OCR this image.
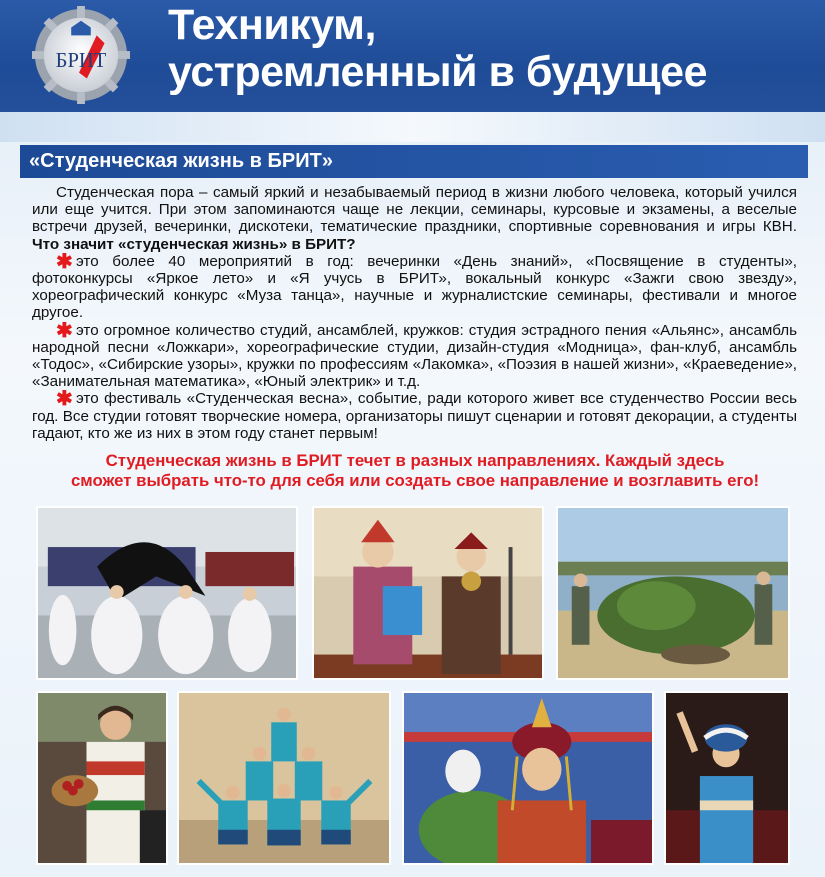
БРИТ
Техникум,
устремленный в будущее
«Студенческая жизнь в БРИТ»

Студенческая пора – самый яркий и незабываемый период в жизни любого человека, который учился или еще учится. При этом запоминаются чаще не лекции, семинары, курсовые и экзамены, а веселые встречи друзей, вечеринки, дискотеки, тематические праздники, спортивные соревнования и игры КВН. Что значит «студенческая жизнь» в БРИТ?

✱ это более 40 мероприятий в год: вечеринки «День знаний», «Посвящение в студенты», фотоконкурсы «Яркое лето» и «Я учусь в БРИТ», вокальный конкурс «Зажги свою звезду», хореографический конкурс «Муза танца», научные и журналистские семинары, фестивали и многое другое.

✱ это огромное количество студий, ансамблей, кружков: студия эстрадного пения «Альянс», ансамбль народной песни «Ложкари», хореографические студии, дизайн-студия «Модница», фан-клуб, ансамбль «Тодос», «Сибирские узоры», кружки по профессиям «Лакомка», «Поэзия в нашей жизни», «Краеведение», «Занимательная математика», «Юный электрик» и т.д.

✱ это фестиваль «Студенческая весна», событие, ради которого живет все студенчество России весь год. Все студии готовят творческие номера, организаторы пишут сценарии и готовят декорации, а студенты гадают, кто же из них в этом году станет первым!

Студенческая жизнь в БРИТ течет в разных направлениях. Каждый здесь
сможет выбрать что-то для себя или создать свое направление и возглавить его!
